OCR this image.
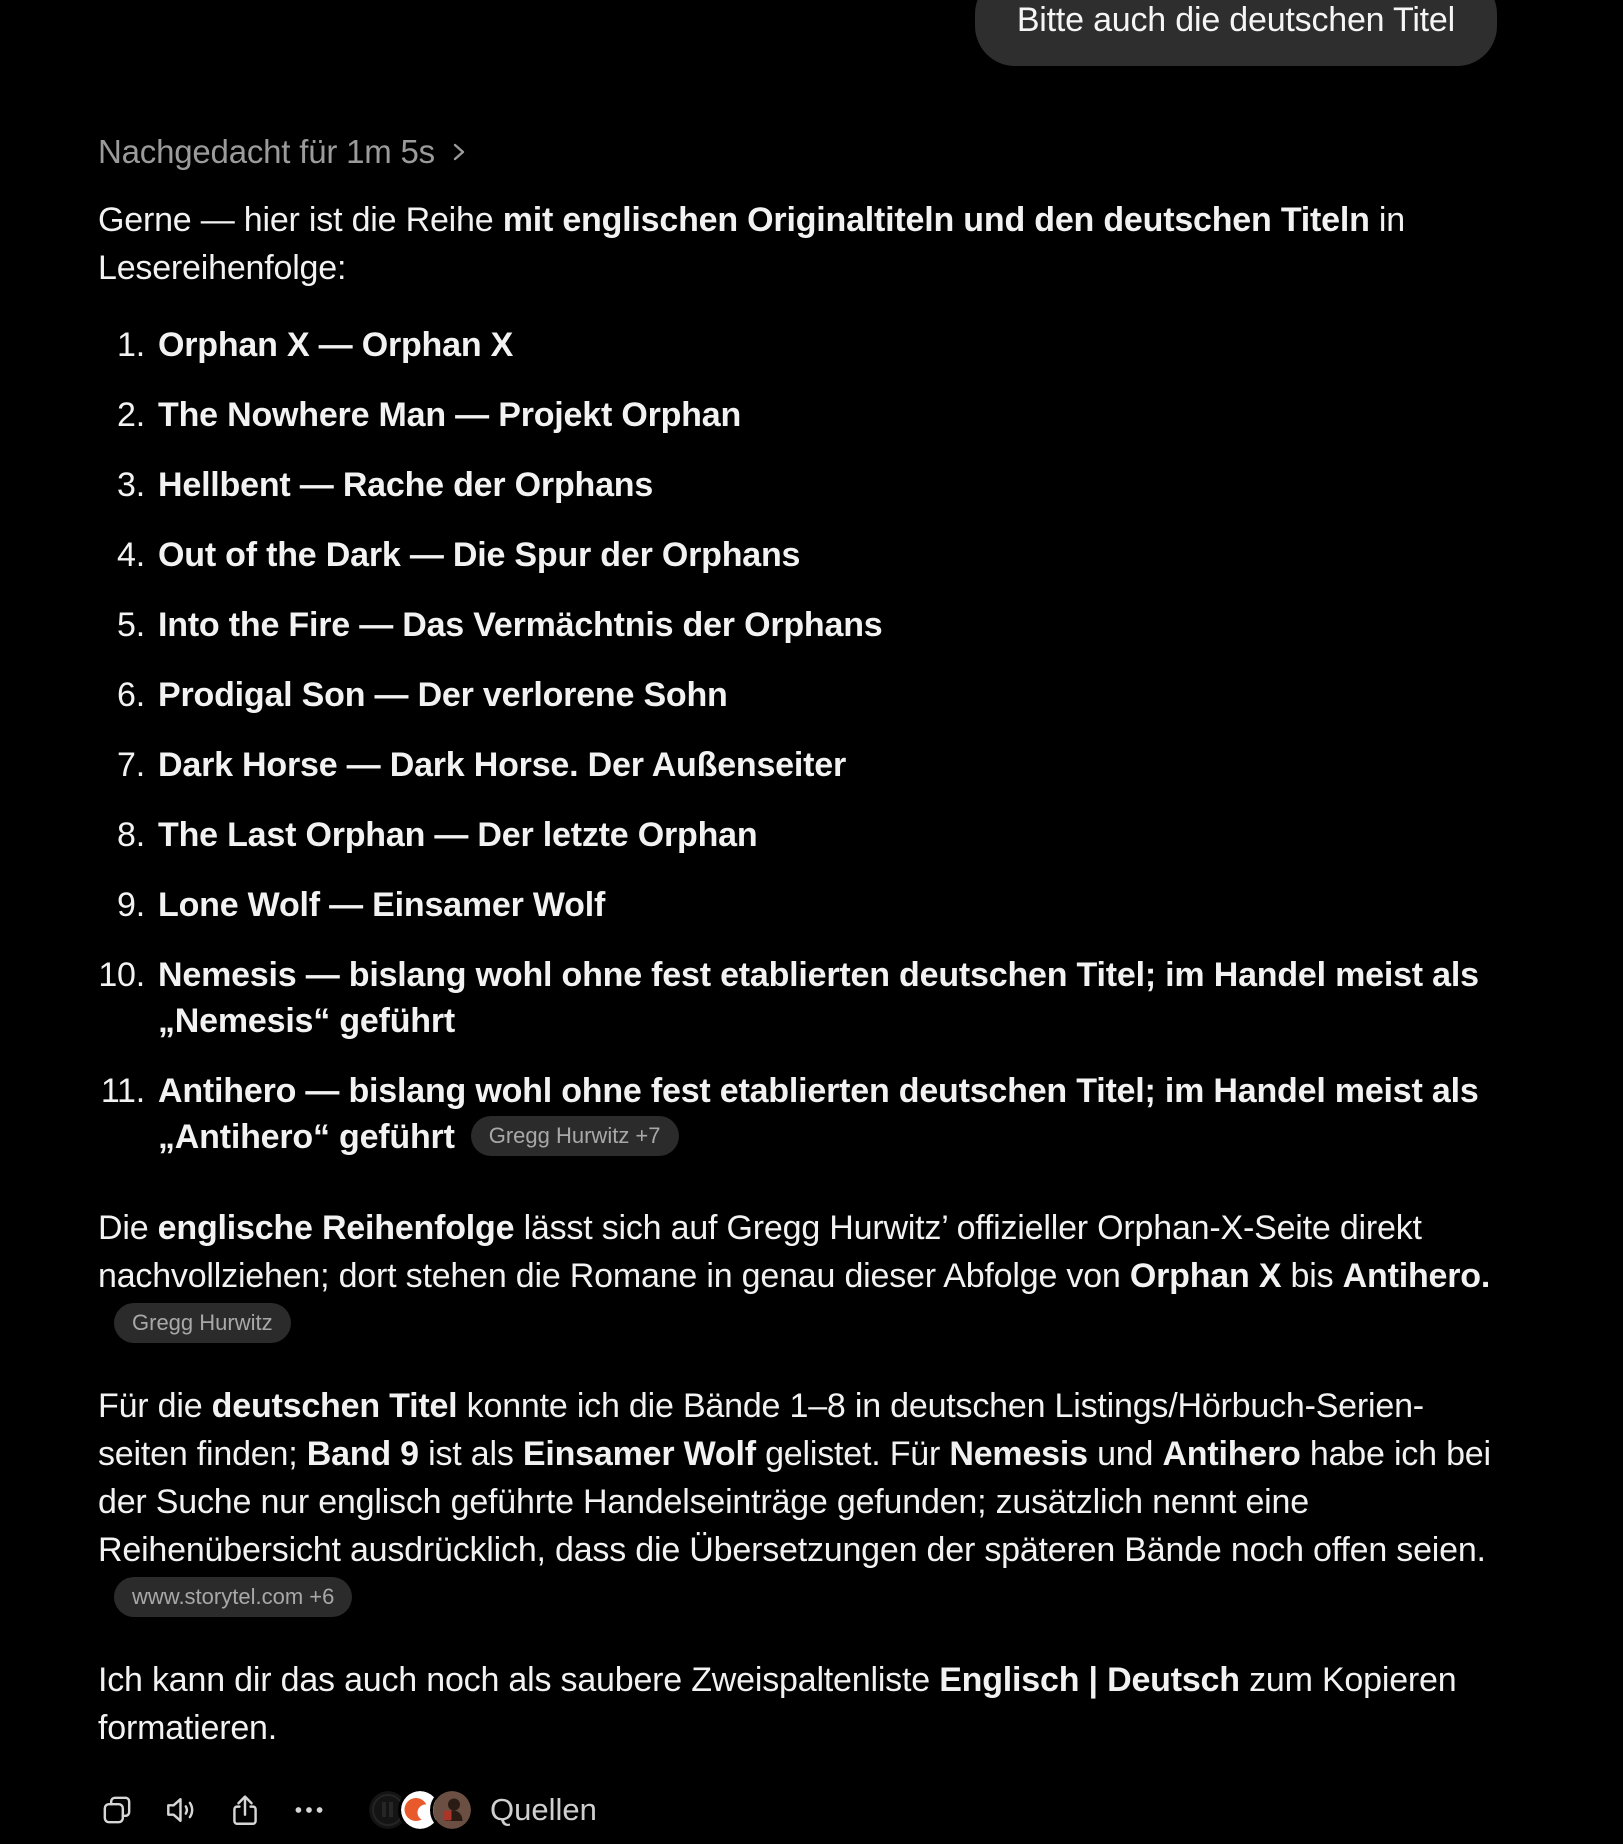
Bitte auch die deutschen Titel
Nachgedacht für 1m 5s

Gerne — hier ist die Reihe mit englischen Originaltiteln und den deutschen Titeln in Lesereihenfolge:

1. Orphan X — Orphan X
2. The Nowhere Man — Projekt Orphan
3. Hellbent — Rache der Orphans
4. Out of the Dark — Die Spur der Orphans
5. Into the Fire — Das Vermächtnis der Orphans
6. Prodigal Son — Der verlorene Sohn
7. Dark Horse — Dark Horse. Der Außenseiter
8. The Last Orphan — Der letzte Orphan
9. Lone Wolf — Einsamer Wolf
10. Nemesis — bislang wohl ohne fest etablierten deutschen Titel; im Handel meist als „Nemesis“ geführt
11. Antihero — bislang wohl ohne fest etablierten deutschen Titel; im Handel meist als „Antihero“ geführt Gregg Hurwitz +7

Die englische Reihenfolge lässt sich auf Gregg Hurwitz’ offizieller Orphan-X-Seite direkt nachvollziehen; dort stehen die Romane in genau dieser Abfolge von Orphan X bis Antihero.Gregg Hurwitz

Für die deutschen Titel konnte ich die Bände 1–8 in deutschen Listings/Hörbuch-Serienseiten finden; Band 9 ist als Einsamer Wolf gelistet. Für Nemesis und Antihero habe ich bei der Suche nur englisch geführte Handelseinträge gefunden; zusätzlich nennt eine Reihenübersicht ausdrücklich, dass die Übersetzungen der späteren Bände noch offen seien.www.storytel.com +6

Ich kann dir das auch noch als saubere Zweispaltenliste Englisch | Deutsch zum Kopieren formatieren.

Quellen
